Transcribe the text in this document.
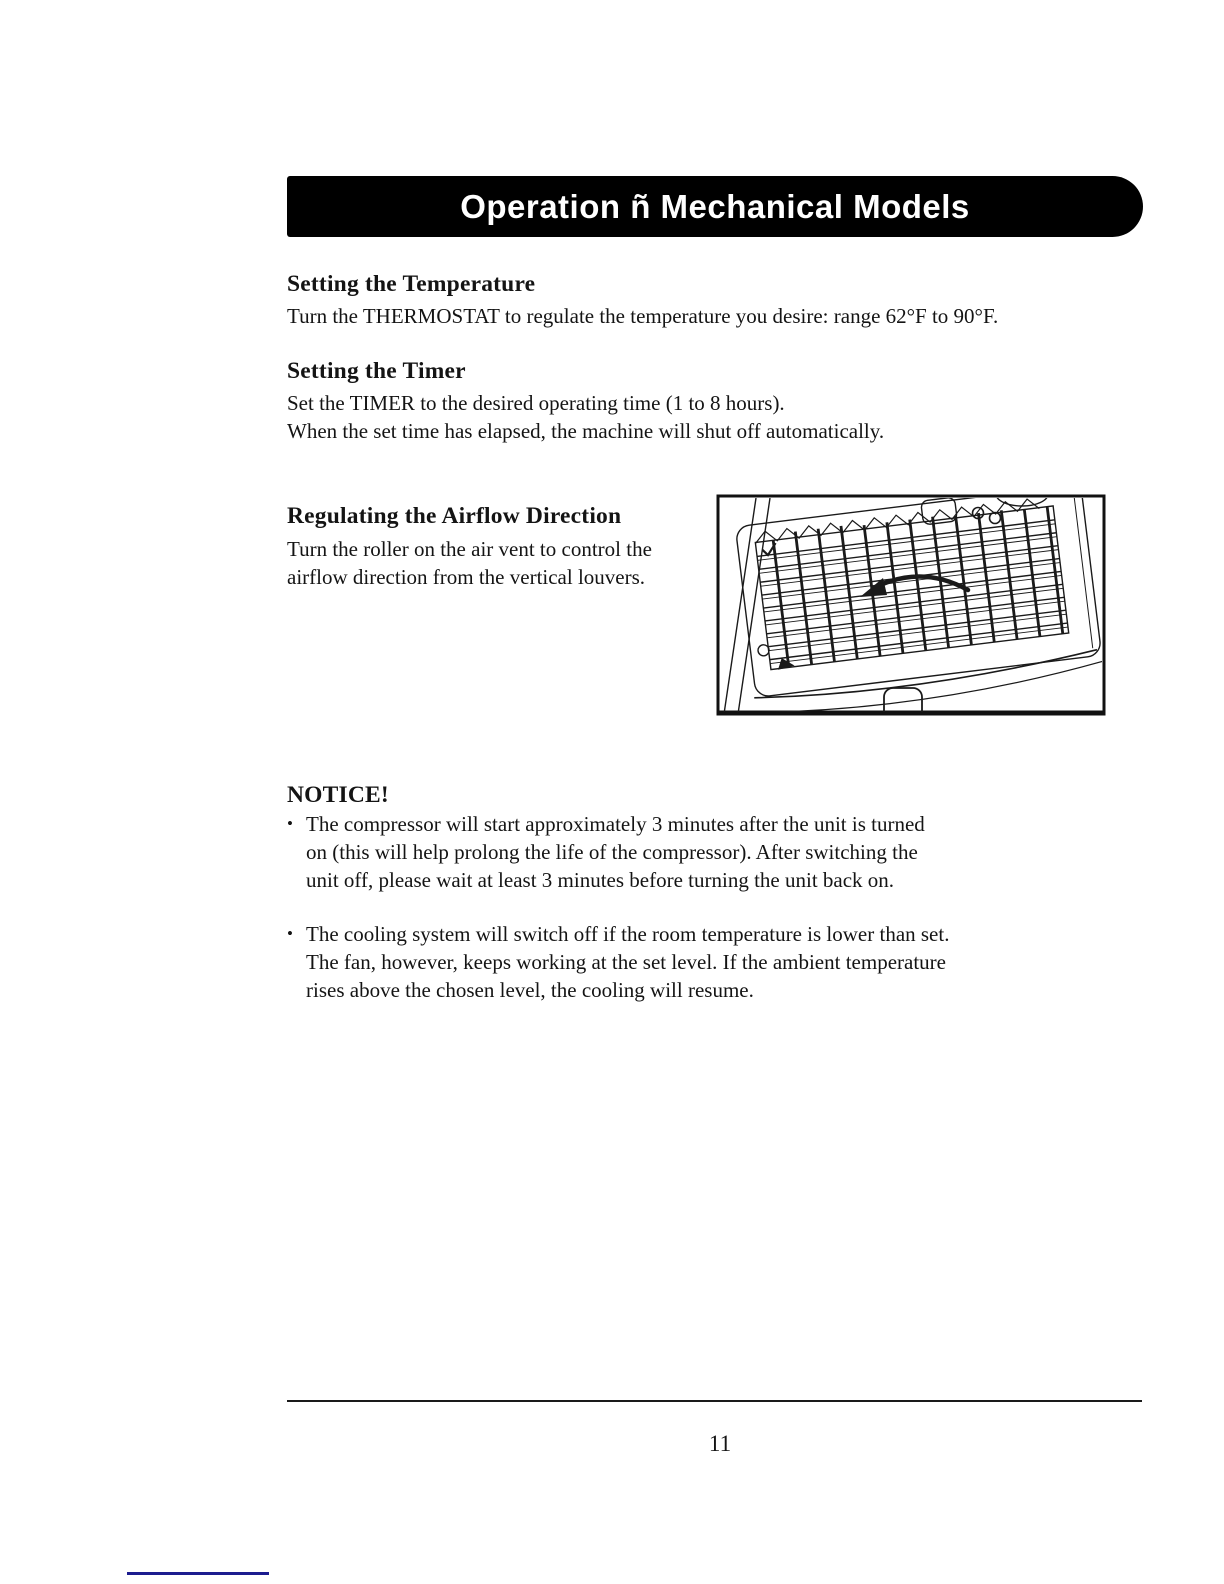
Operation ñ Mechanical Models
Setting the Temperature
Turn the THERMOSTAT to regulate the temperature you desire: range 62°F to 90°F.
Setting the Timer
Set the TIMER to the desired operating time (1 to 8 hours).
When the set time has elapsed, the machine will shut off automatically.
Regulating the Airflow Direction
Turn the roller on the air vent to control the
airflow direction from the vertical louvers.
NOTICE!
• The compressor will start approximately 3 minutes after the unit is turned
on (this will help prolong the life of the compressor). After switching the
unit off, please wait at least 3 minutes before turning the unit back on.
• The cooling system will switch off if the room temperature is lower than set.
The fan, however, keeps working at the set level. If the ambient temperature
rises above the chosen level, the cooling will resume.
11
